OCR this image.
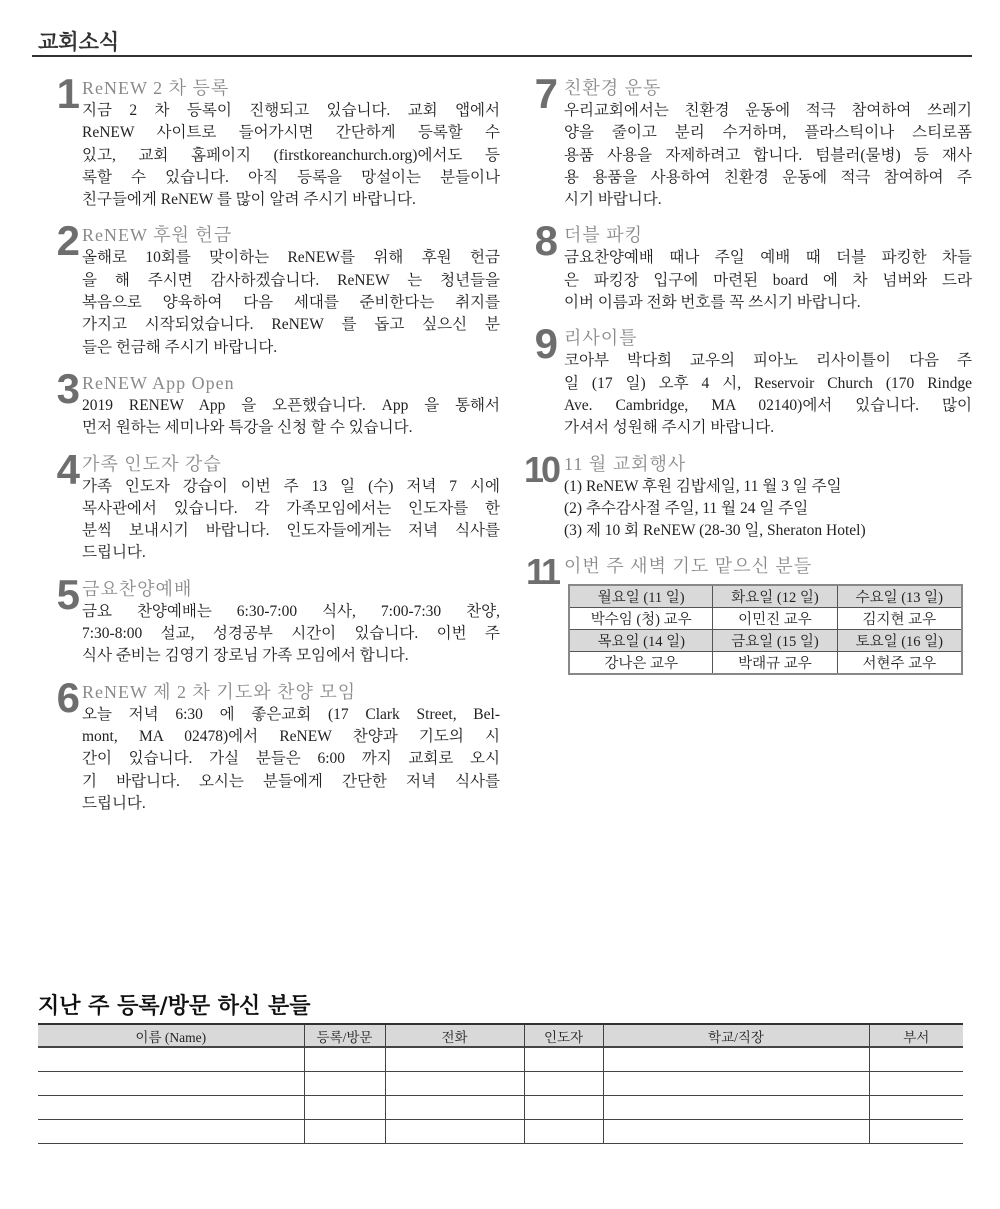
교회소식
1 ReNEW 2 차 등록
지금 2 차 등록이 진행되고 있습니다. 교회 앱에서
ReNEW 사이트로 들어가시면 간단하게 등록할 수
있고, 교회 홈페이지 (firstkoreanchurch.org)에서도 등
록할 수 있습니다. 아직 등록을 망설이는 분들이나
친구들에게 ReNEW 를 많이 알려 주시기 바랍니다.
2 ReNEW 후원 헌금
올해로 10회를 맞이하는 ReNEW를 위해 후원 헌금
을 해 주시면 감사하겠습니다. ReNEW 는 청년들을
복음으로 양육하여 다음 세대를 준비한다는 취지를
가지고 시작되었습니다. ReNEW 를 돕고 싶으신 분
들은 헌금해 주시기 바랍니다.
3 ReNEW App Open
2019 RENEW App 을 오픈했습니다. App 을 통해서
먼저 원하는 세미나와 특강을 신청 할 수 있습니다.
4 가족 인도자 강습
가족 인도자 강습이 이번 주 13 일 (수) 저녁 7 시에
목사관에서 있습니다. 각 가족모임에서는 인도자를 한
분씩 보내시기 바랍니다. 인도자들에게는 저녁 식사를
드립니다.
5 금요찬양예배
금요 찬양예배는 6:30-7:00 식사, 7:00-7:30 찬양,
7:30-8:00 설교, 성경공부 시간이 있습니다. 이번 주
식사 준비는 김영기 장로님 가족 모임에서 합니다.
6 ReNEW 제 2 차 기도와 찬양 모임
오늘 저녁 6:30 에 좋은교회 (17 Clark Street, Bel-
mont, MA 02478)에서 ReNEW 찬양과 기도의 시
간이 있습니다. 가실 분들은 6:00 까지 교회로 오시
기 바랍니다. 오시는 분들에게 간단한 저녁 식사를
드립니다.
7 친환경 운동
우리교회에서는 친환경 운동에 적극 참여하여 쓰레기
양을 줄이고 분리 수거하며, 플라스틱이나 스티로폼
용품 사용을 자제하려고 합니다. 텀블러(물병) 등 재사
용 용품을 사용하여 친환경 운동에 적극 참여하여 주
시기 바랍니다.
8 더블 파킹
금요찬양예배 때나 주일 예배 때 더블 파킹한 차들
은 파킹장 입구에 마련된 board 에 차 넘버와 드라
이버 이름과 전화 번호를 꼭 쓰시기 바랍니다.
9 리사이틀
코아부 박다희 교우의 피아노 리사이틀이 다음 주
일 (17 일) 오후 4 시, Reservoir Church (170 Rindge
Ave. Cambridge, MA 02140)에서 있습니다. 많이
가셔서 성원해 주시기 바랍니다.
10 11 월 교회행사
(1) ReNEW 후원 김밥세일, 11 월 3 일 주일
(2) 추수감사절 주일, 11 월 24 일 주일
(3) 제 10 회 ReNEW (28-30 일, Sheraton Hotel)
11 이번 주 새벽 기도 맡으신 분들
월요일 (11 일)	화요일 (12 일)	수요일 (13 일)
박수임 (청) 교우	이민진 교우	김지현 교우
목요일 (14 일)	금요일 (15 일)	토요일 (16 일)
강나은 교우	박래규 교우	서현주 교우
지난 주 등록/방문 하신 분들
이름 (Name)	등록/방문	전화	인도자	학교/직장	부서
